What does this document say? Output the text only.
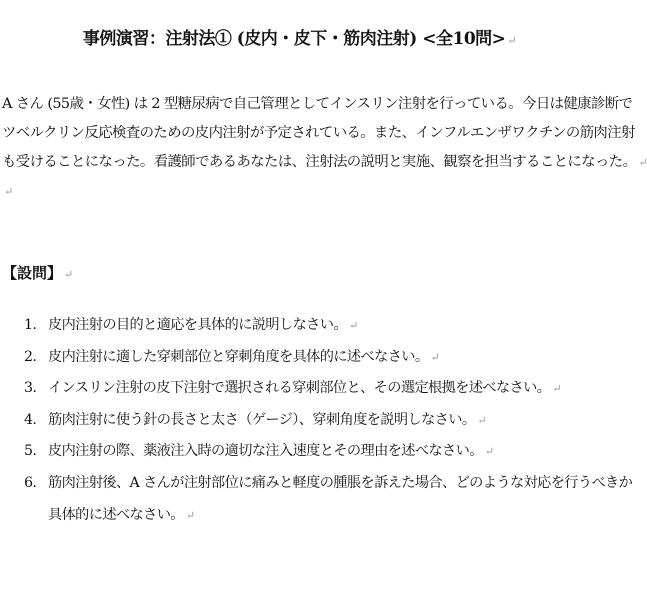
事例演習：注射法① (皮内・皮下・筋肉注射) <全10問> ↵
A さん (55歳・女性) は 2 型糖尿病で自己管理としてインスリン注射を行っている。今日は健康診断で
ツベルクリン反応検査のための皮内注射が予定されている。また、インフルエンザワクチンの筋肉注射
も受けることになった。看護師であるあなたは、注射法の説明と実施、観察を担当することになった。 ↵
↵
【設問】 ↵
1. 皮内注射の目的と適応を具体的に説明しなさい。 ↵
2. 皮内注射に適した穿刺部位と穿刺角度を具体的に述べなさい。 ↵
3. インスリン注射の皮下注射で選択される穿刺部位と、その選定根拠を述べなさい。 ↵
4. 筋肉注射に使う針の長さと太さ（ゲージ）、穿刺角度を説明しなさい。 ↵
5. 皮内注射の際、薬液注入時の適切な注入速度とその理由を述べなさい。 ↵
6. 筋肉注射後、A さんが注射部位に痛みと軽度の腫脹を訴えた場合、どのような対応を行うべきか
具体的に述べなさい。 ↵
